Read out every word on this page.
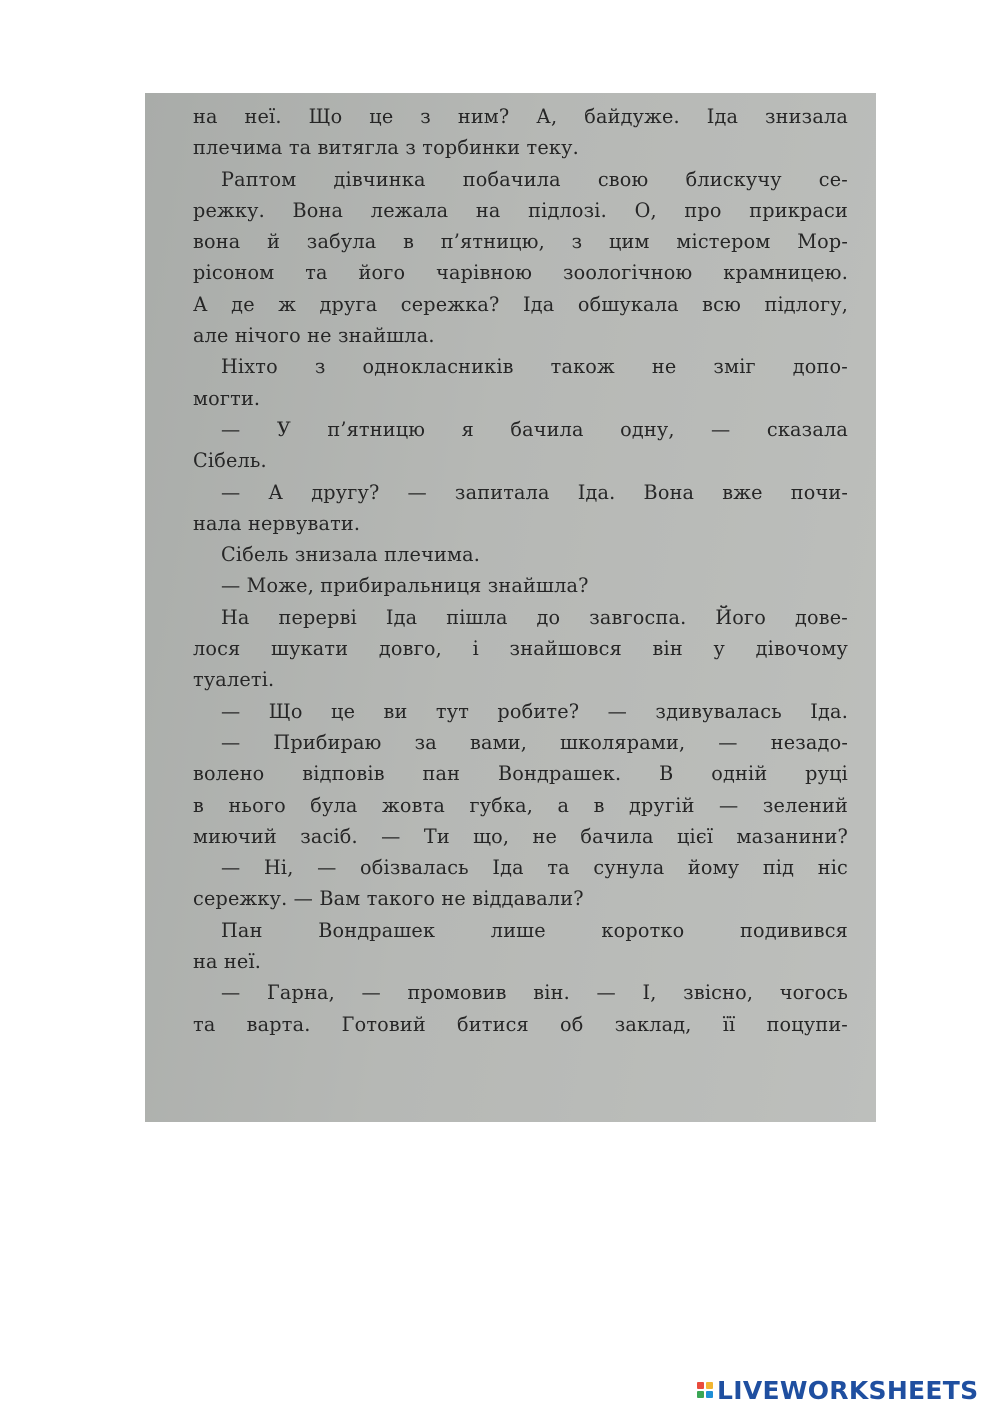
на неї. Що це з ним? А, байдуже. Іда знизала
плечима та витягла з торбинки теку.
Раптом дівчинка побачила свою блискучу се-
режку. Вона лежала на підлозі. О, про прикраси
вона й забула в п’ятницю, з цим містером Мор-
рісоном та його чарівною зоологічною крамницею.
А де ж друга сережка? Іда обшукала всю підлогу,
але нічого не знайшла.
Ніхто з однокласників також не зміг допо-
могти.
— У п’ятницю я бачила одну, — сказала
Сібель.
— А другу? — запитала Іда. Вона вже почи-
нала нервувати.
Сібель знизала плечима.
— Може, прибиральниця знайшла?
На перерві Іда пішла до завгоспа. Його дове-
лося шукати довго, і знайшовся він у дівочому
туалеті.
— Що це ви тут робите? — здивувалась Іда.
— Прибираю за вами, школярами, — незадо-
волено відповів пан Вондрашек. В одній руці
в нього була жовта губка, а в другій — зелений
миючий засіб. — Ти що, не бачила цієї мазанини?
— Ні, — обізвалась Іда та сунула йому під ніс
сережку. — Вам такого не віддавали?
Пан Вондрашек лише коротко подивився
на неї.
— Гарна, — промовив він. — І, звісно, чогось
та варта. Готовий битися об заклад, її поцупи-
LIVEWORKSHEETS
